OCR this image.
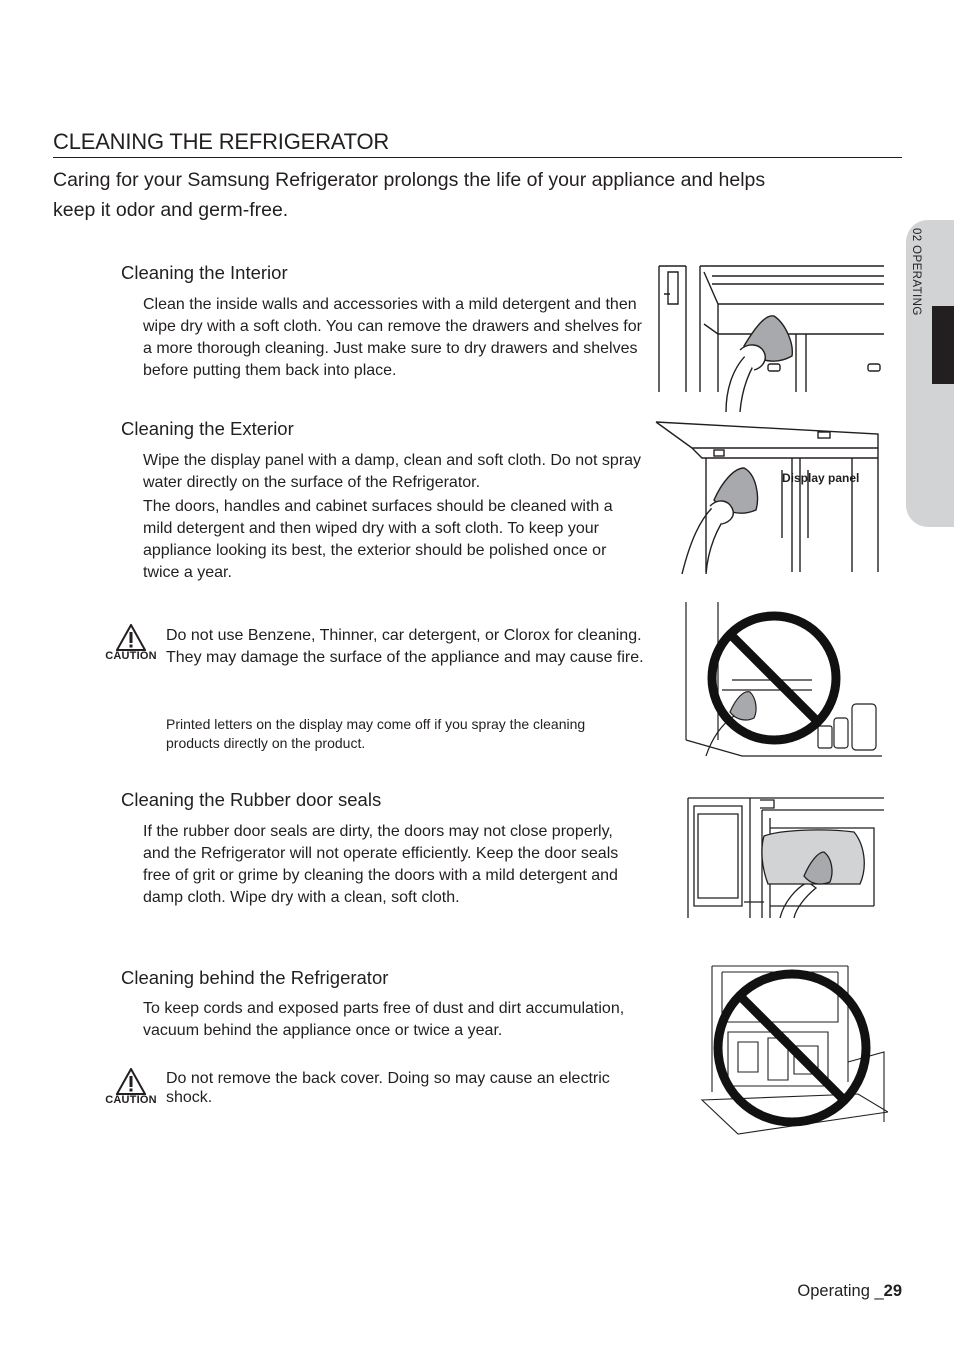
02 OPERATING
CLEANING THE REFRIGERATOR

Caring for your Samsung Refrigerator prolongs the life of your appliance and helps keep it odor and germ-free.

Cleaning the Interior

Clean the inside walls and accessories with a mild detergent and then wipe dry with a soft cloth. You can remove the drawers and shelves for a more thorough cleaning. Just make sure to dry drawers and shelves before putting them back into place.

Cleaning the Exterior

Wipe the display panel with a damp, clean and soft cloth. Do not spray water directly on the surface of the Refrigerator.

The doors, handles and cabinet surfaces should be cleaned with a mild detergent and then wiped dry with a soft cloth. To keep your appliance looking its best, the exterior should be polished once or twice a year.

Display panel
CAUTION

Do not use Benzene, Thinner, car detergent, or Clorox for cleaning. They may damage the surface of the appliance and may cause fire.

Printed letters on the display may come off if you spray the cleaning products directly on the product.

Cleaning the Rubber door seals

If the rubber door seals are dirty, the doors may not close properly, and the Refrigerator will not operate efficiently. Keep the door seals free of grit or grime by cleaning the doors with a mild detergent and damp cloth. Wipe dry with a clean, soft cloth.

Cleaning behind the Refrigerator

To keep cords and exposed parts free of dust and dirt accumulation, vacuum behind the appliance once or twice a year.

CAUTION

Do not remove the back cover. Doing so may cause an electric shock.

Operating _29
